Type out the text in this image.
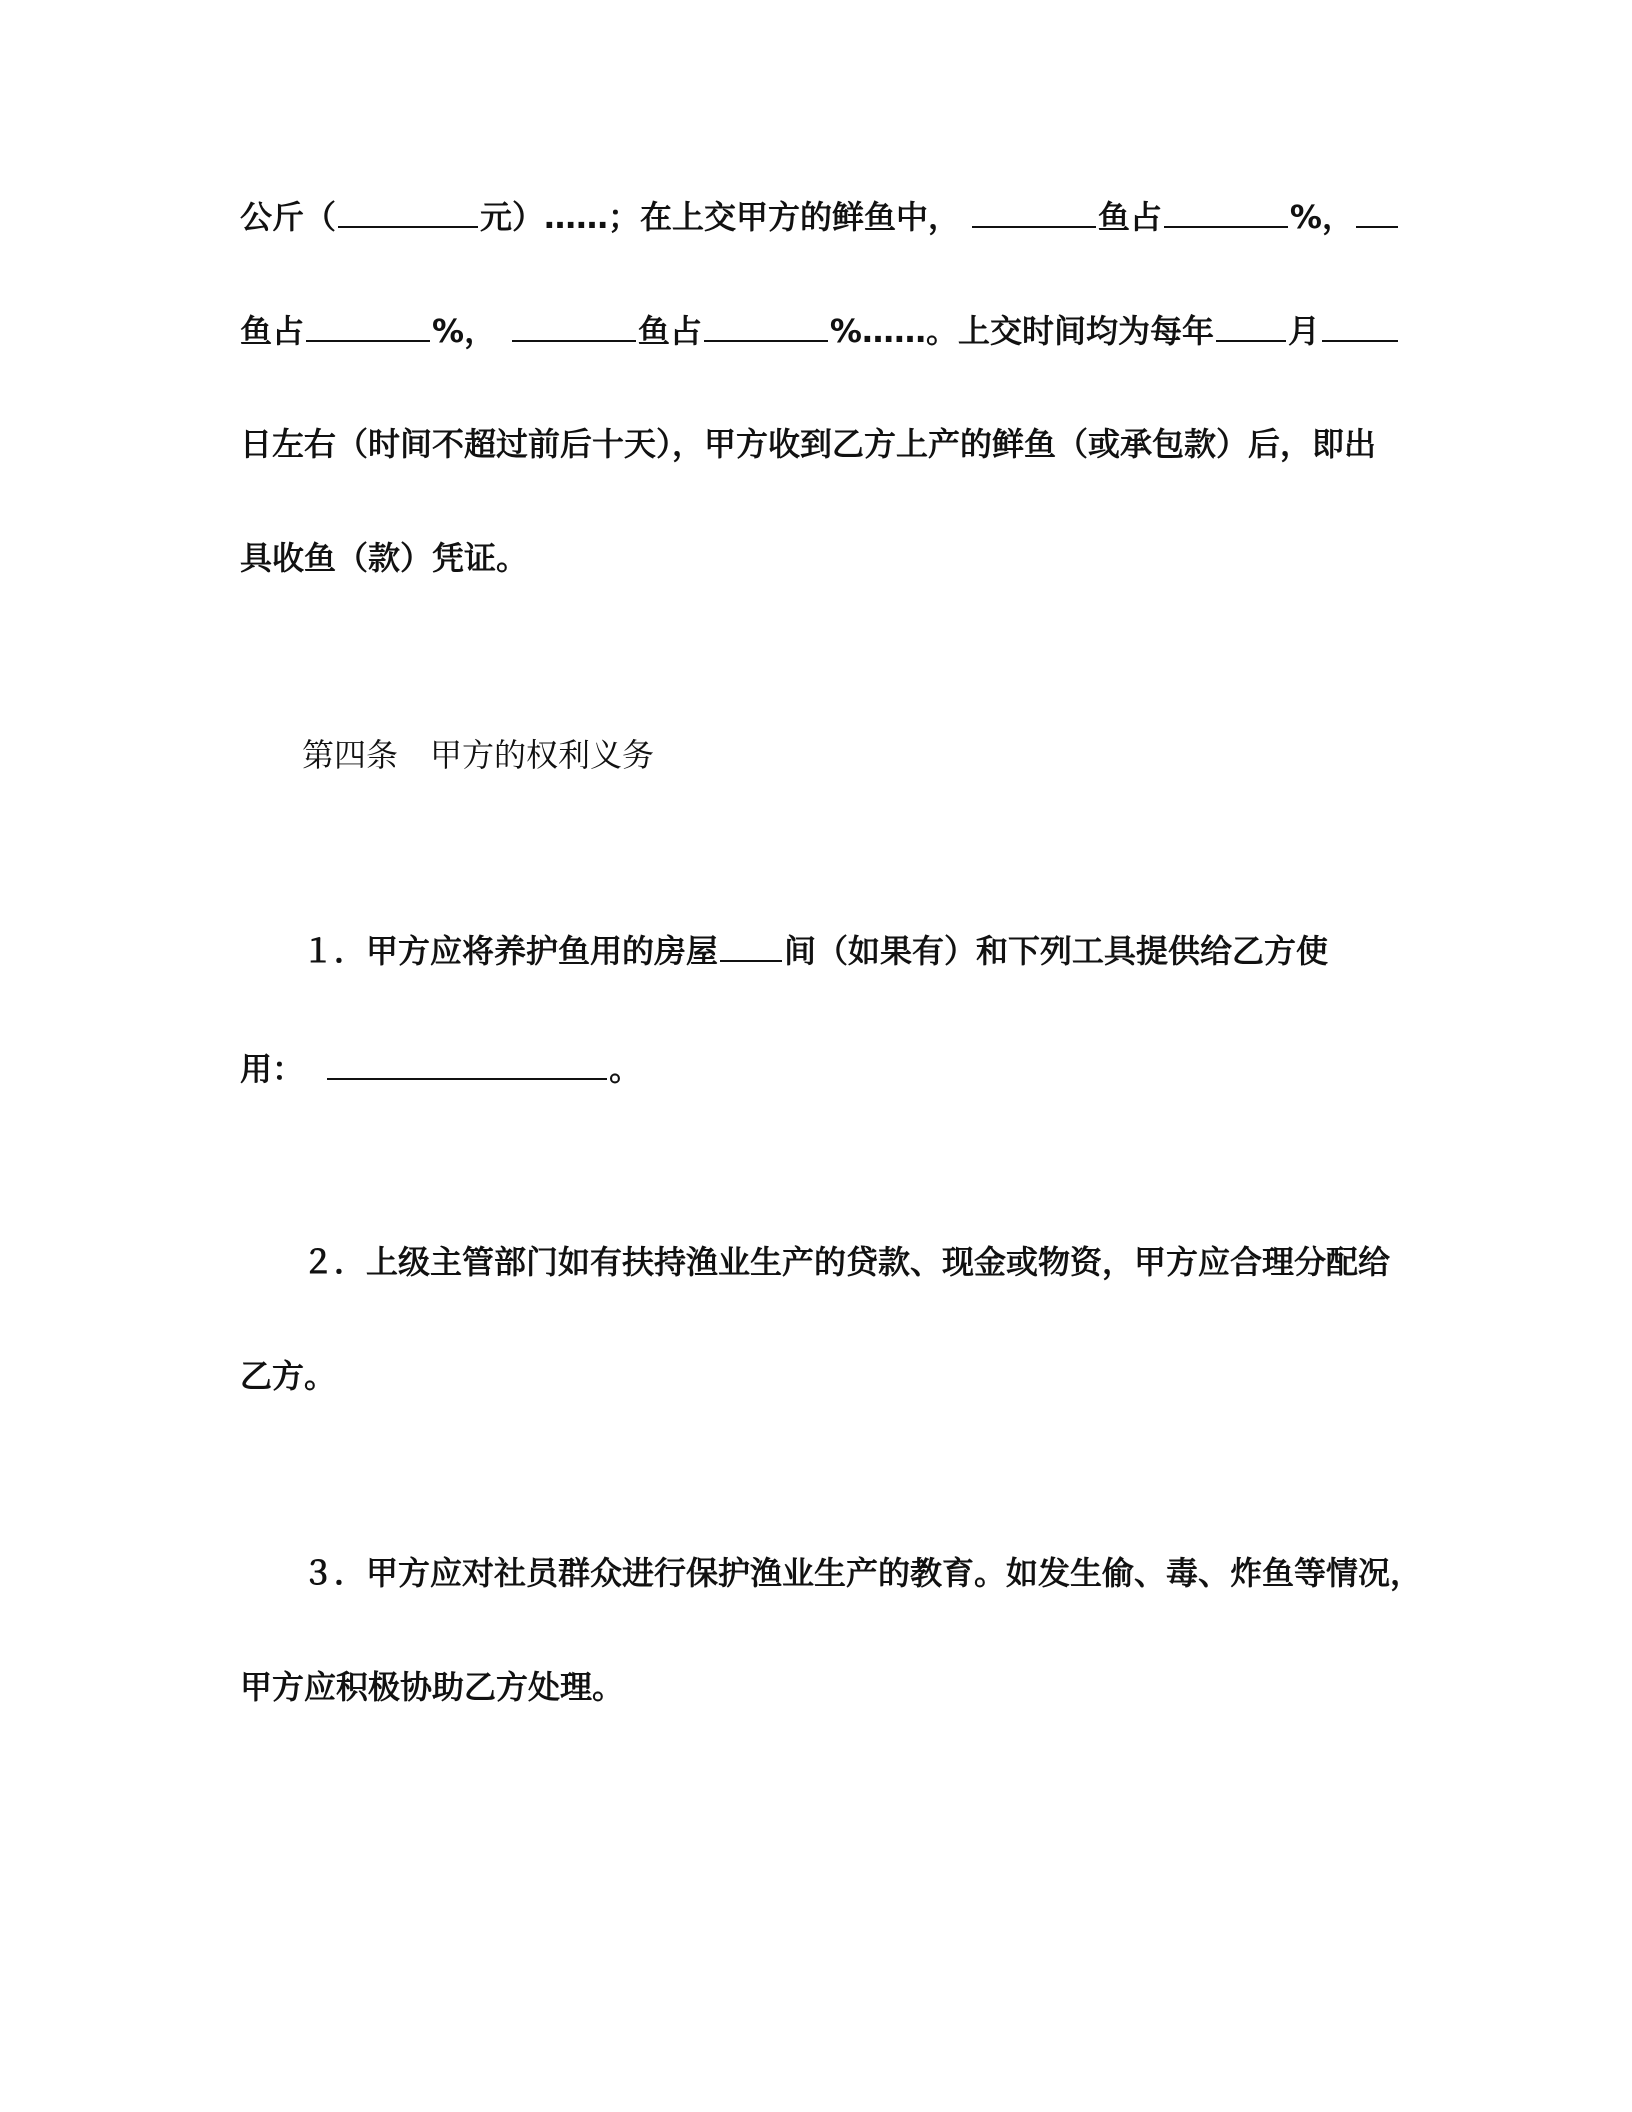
公斤（	元）……；在上交甲方的鲜鱼中，	鱼占	%，
鱼占	%，	鱼占	%……。上交时间均为每年 月
日左右（时间不超过前后十天），甲方收到乙方上产的鲜鱼（或承包款）后，即出
具收鱼（款）凭证。
第四条　甲方的权利义务
１．甲方应将养护鱼用的房屋 间（如果有）和下列工具提供给乙方使
用：	。
２．上级主管部门如有扶持渔业生产的贷款、现金或物资，甲方应合理分配给
乙方。
３．甲方应对社员群众进行保护渔业生产的教育。如发生偷、毒、炸鱼等情况，
甲方应积极协助乙方处理。
